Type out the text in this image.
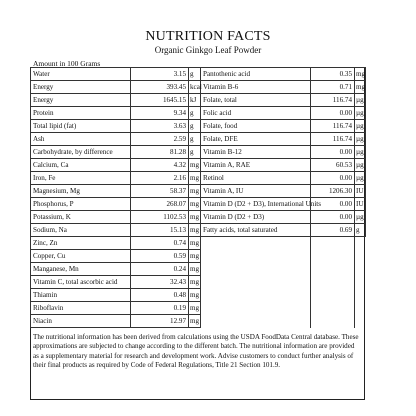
NUTRITION FACTS
Organic Ginkgo Leaf Powder
Amount in 100 Grams
Water	3.15	g	Pantothenic acid	0.35	mg
Energy	393.45	kcal	Vitamin B-6	0.71	mg
Energy	1645.15	kJ	Folate, total	116.74	µg
Protein	9.34	g	Folic acid	0.00	µg
Total lipid (fat)	3.63	g	Folate, food	116.74	µg
Ash	2.59	g	Folate, DFE	116.74	µg
Carbohydrate, by difference	81.28	g	Vitamin B-12	0.00	µg
Calcium, Ca	4.32	mg	Vitamin A, RAE	60.53	µg
Iron, Fe	2.16	mg	Retinol	0.00	µg
Magnesium, Mg	58.37	mg	Vitamin A, IU	1206.30	IU
Phosphorus, P	268.07	mg	Vitamin D (D2 + D3), International Units	0.00	IU
Potassium, K	1102.53	mg	Vitamin D (D2 + D3)	0.00	µg
Sodium, Na	15.13	mg	Fatty acids, total saturated	0.69	g
Zinc, Zn	0.74	mg			
Copper, Cu	0.59	mg			
Manganese, Mn	0.24	mg			
Vitamin C, total ascorbic acid	32.43	mg			
Thiamin	0.48	mg			
Riboflavin	0.19	mg			
Niacin	12.97	mg			
The nutritional information has been derived from calculations using the USDA FoodData Central database. These approximations are subjected to change according to the different batch. The nutritional information are provided as a supplementary material for research and development work. Advise customers to conduct further analysis of their final products as required by Code of Federal Regulations, Title 21 Section 101.9.
